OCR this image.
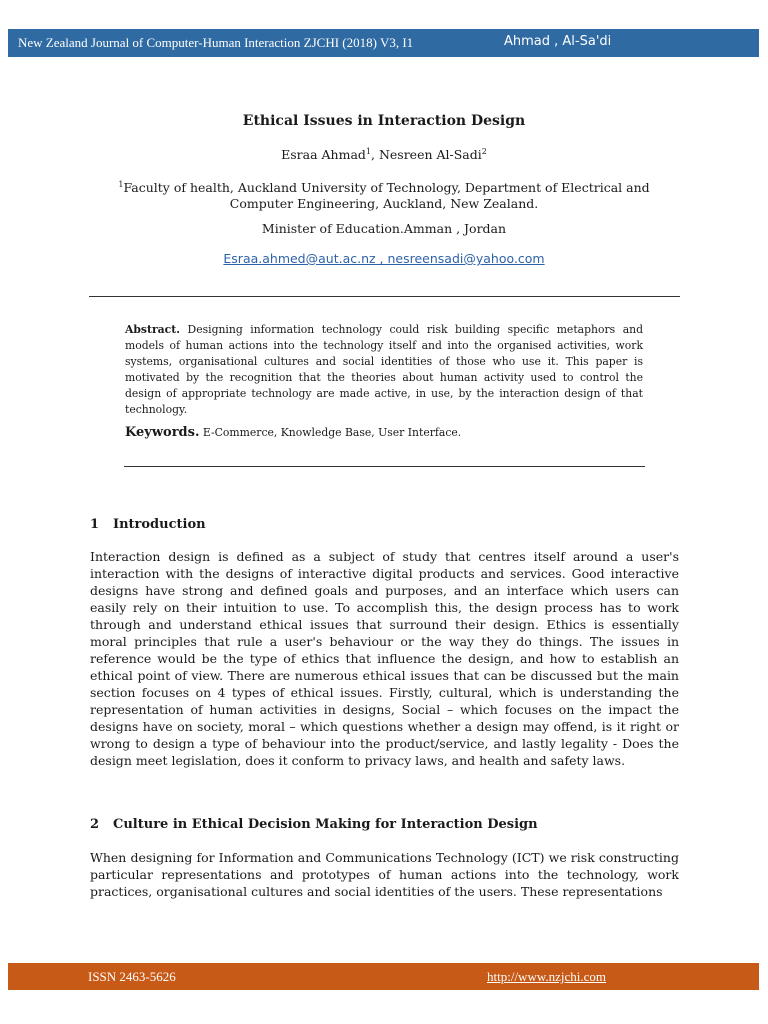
New Zealand Journal of Computer-Human Interaction ZJCHI (2018) V3, I1	Ahmad , Al-Sa'di
Ethical Issues in Interaction Design
Esraa Ahmad$^1$, Nesreen Al-Sadi$^2$
$^1$Faculty of health, Auckland University of Technology, Department of Electrical and Computer Engineering, Auckland, New Zealand.
Minister of Education.Amman , Jordan
Esraa.ahmed@aut.ac.nz , nesreensadi@yahoo.com
Abstract. Designing information technology could risk building specific metaphors and models of human actions into the technology itself and into the organised activities, work systems, organisational cultures and social identities of those who use it. This paper is motivated by the recognition that the theories about human activity used to control the design of appropriate technology are made active, in use, by the interaction design of that technology.
Keywords. E-Commerce, Knowledge Base, User Interface.
1 Introduction
Interaction design is defined as a subject of study that centres itself around a user's interaction with the designs of interactive digital products and services. Good interactive designs have strong and defined goals and purposes, and an interface which users can easily rely on their intuition to use. To accomplish this, the design process has to work through and understand ethical issues that surround their design. Ethics is essentially moral principles that rule a user's behaviour or the way they do things. The issues in reference would be the type of ethics that influence the design, and how to establish an ethical point of view. There are numerous ethical issues that can be discussed but the main section focuses on 4 types of ethical issues. Firstly, cultural, which is understanding the representation of human activities in designs, Social – which focuses on the impact the designs have on society, moral – which questions whether a design may offend, is it right or wrong to design a type of behaviour into the product/service, and lastly legality - Does the design meet legislation, does it conform to privacy laws, and health and safety laws.
2 Culture in Ethical Decision Making for Interaction Design
When designing for Information and Communications Technology (ICT) we risk constructing particular representations and prototypes of human actions into the technology, work practices, organisational cultures and social identities of the users. These representations
ISSN 2463-5626	http://www.nzjchi.com
